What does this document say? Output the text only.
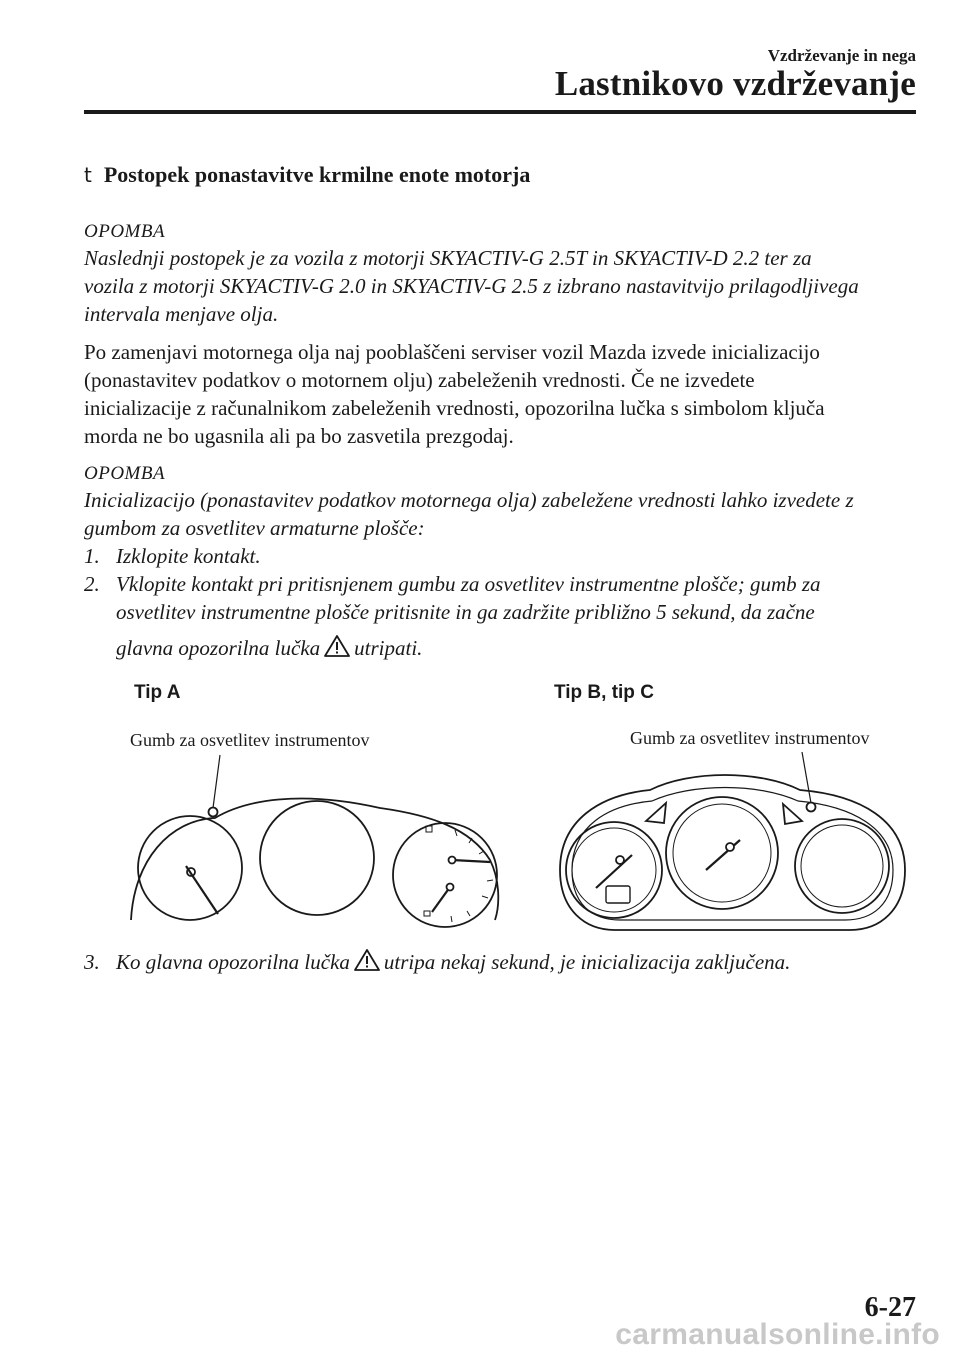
Vzdrževanje in nega
Lastnikovo vzdrževanje
t Postopek ponastavitve krmilne enote motorja
OPOMBA
Naslednji postopek je za vozila z motorji SKYACTIV-G 2.5T in SKYACTIV-D 2.2 ter za
vozila z motorji SKYACTIV-G 2.0 in SKYACTIV-G 2.5 z izbrano nastavitvijo prilagodljivega
intervala menjave olja.
Po zamenjavi motornega olja naj pooblaščeni serviser vozil Mazda izvede inicializacijo
(ponastavitev podatkov o motornem olju) zabeleženih vrednosti. Če ne izvedete
inicializacije z računalnikom zabeleženih vrednosti, opozorilna lučka s simbolom ključa
morda ne bo ugasnila ali pa bo zasvetila prezgodaj.
OPOMBA
Inicializacijo (ponastavitev podatkov motornega olja) zabeležene vrednosti lahko izvedete z
gumbom za osvetlitev armaturne plošče:
1. Izklopite kontakt.
2. Vklopite kontakt pri pritisnjenem gumbu za osvetlitev instrumentne plošče; gumb za
osvetlitev instrumentne plošče pritisnite in ga zadržite približno 5 sekund, da začne
glavna opozorilna lučka utripati.
Tip A	Tip B, tip C
Gumb za osvetlitev instrumentov	Gumb za osvetlitev instrumentov
3. Ko glavna opozorilna lučka utripa nekaj sekund, je inicializacija zaključena.
6-27
carmanualsonline.info
